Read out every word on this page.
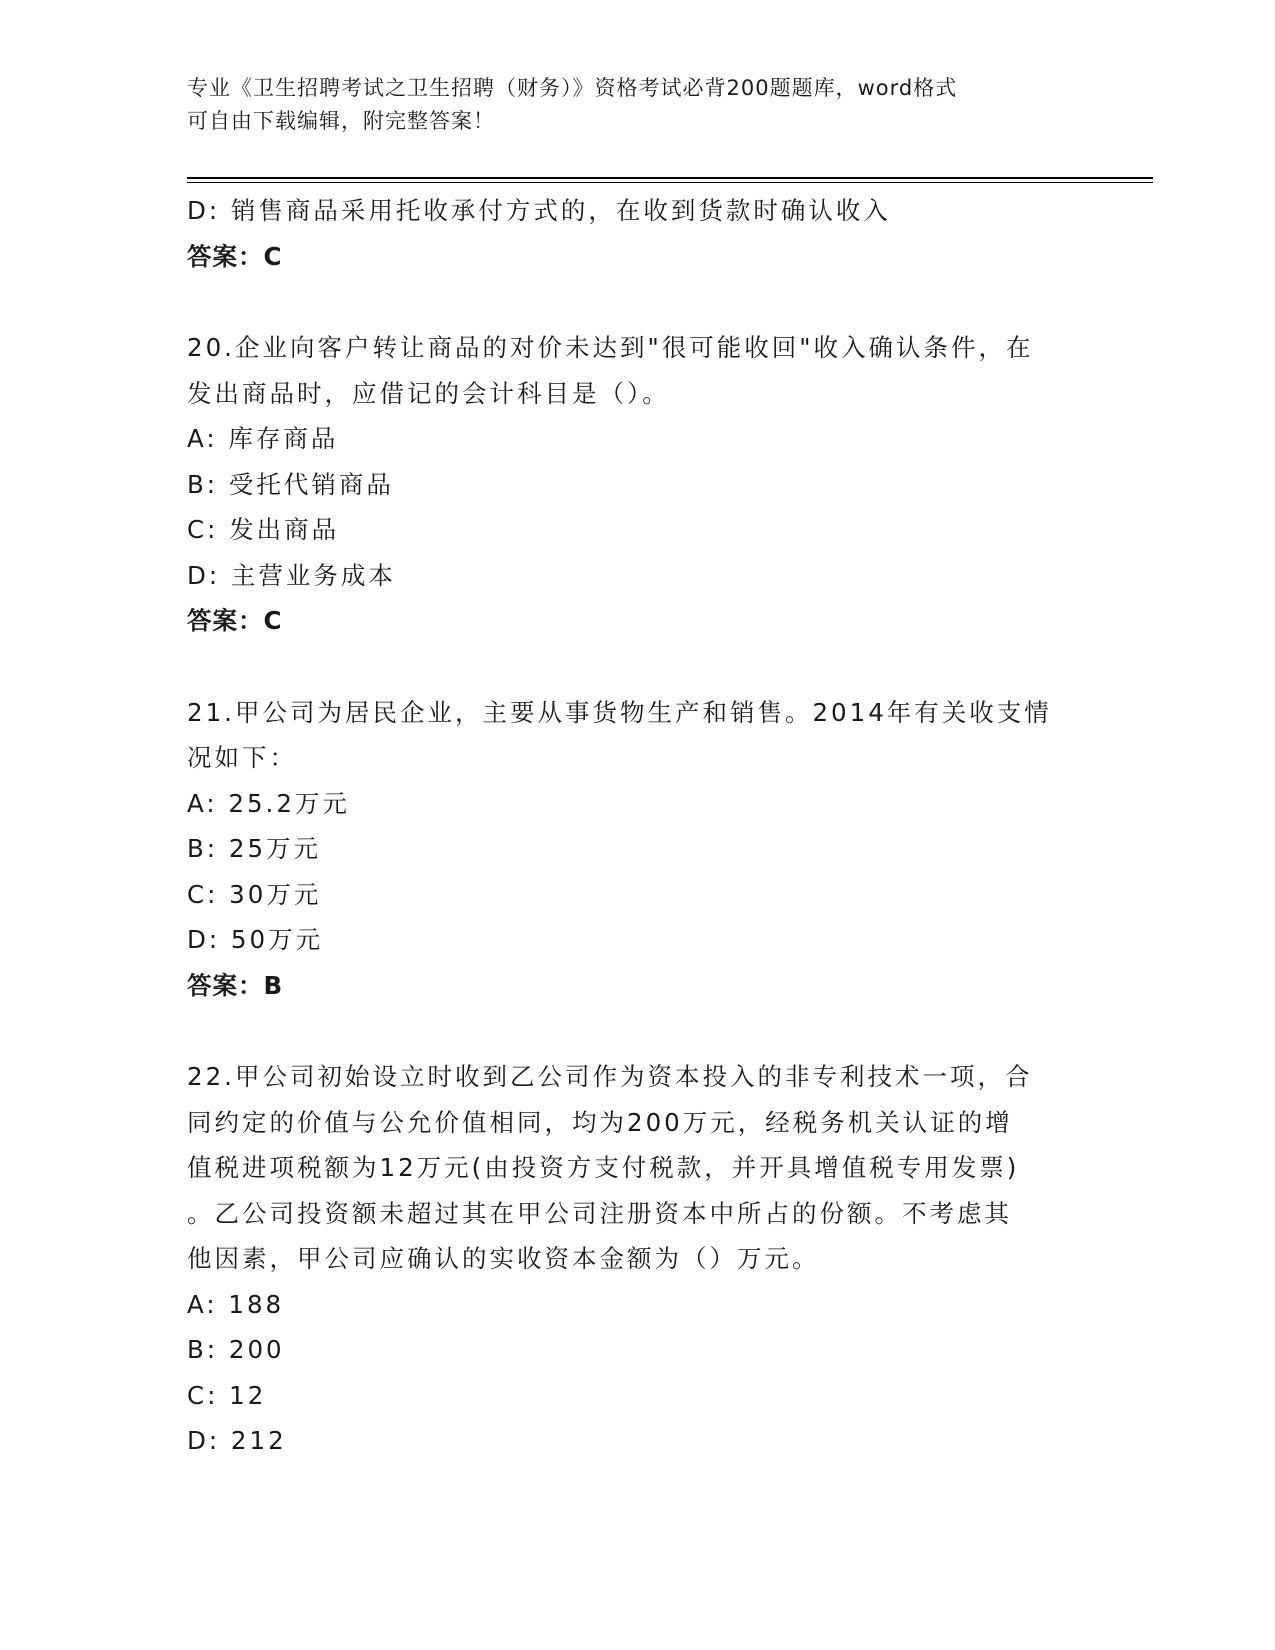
专业《卫生招聘考试之卫生招聘（财务）》资格考试必背200题题库，word格式
可自由下载编辑，附完整答案！
D: 销售商品采用托收承付方式的，在收到货款时确认收入
答案：C
20.企业向客户转让商品的对价未达到"很可能收回"收入确认条件，在
发出商品时，应借记的会计科目是（）。
A: 库存商品
B: 受托代销商品
C: 发出商品
D: 主营业务成本
答案：C
21.甲公司为居民企业，主要从事货物生产和销售。2014年有关收支情
况如下：
A: 25.2万元
B: 25万元
C: 30万元
D: 50万元
答案：B
22.甲公司初始设立时收到乙公司作为资本投入的非专利技术一项，合
同约定的价值与公允价值相同，均为200万元，经税务机关认证的增
值税进项税额为12万元(由投资方支付税款，并开具增值税专用发票)
。乙公司投资额未超过其在甲公司注册资本中所占的份额。不考虑其
他因素，甲公司应确认的实收资本金额为（）万元。
A: 188
B: 200
C: 12
D: 212
